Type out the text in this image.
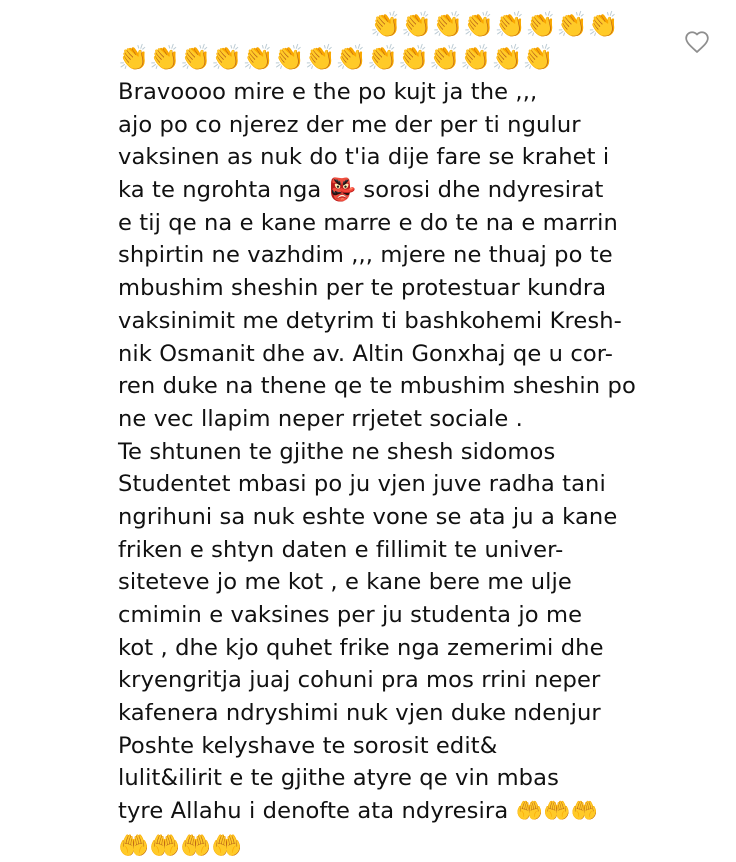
👏👏👏👏👏👏👏👏
👏👏👏👏👏👏👏👏👏👏👏👏👏👏
Bravoooo mire e the po kujt ja the ,,,
ajo po co njerez der me der per ti ngulur
vaksinen as nuk do t'ia dije fare se krahet i
ka te ngrohta nga 👺 sorosi dhe ndyresirat
e tij qe na e kane marre e do te na e marrin
shpirtin ne vazhdim ,,, mjere ne thuaj po te
mbushim sheshin per te protestuar kundra
vaksinimit me detyrim ti bashkohemi Kresh-
nik Osmanit dhe av. Altin Gonxhaj qe u cor-
ren duke na thene qe te mbushim sheshin po
ne vec llapim neper rrjetet sociale .
Te shtunen te gjithe ne shesh sidomos
Studentet mbasi po ju vjen juve radha tani
ngrihuni sa nuk eshte vone se ata ju a kane
friken e shtyn daten e fillimit te univer-
siteteve jo me kot , e kane bere me ulje
cmimin e vaksines per ju studenta jo me
kot , dhe kjo quhet frike nga zemerimi dhe
kryengritja juaj cohuni pra mos rrini neper
kafenera ndryshimi nuk vjen duke ndenjur
Poshte kelyshave te sorosit edit&
lulit&ilirit e te gjithe atyre qe vin mbas
tyre Allahu i denofte ata ndyresira 🤲🤲🤲
🤲🤲🤲🤲
